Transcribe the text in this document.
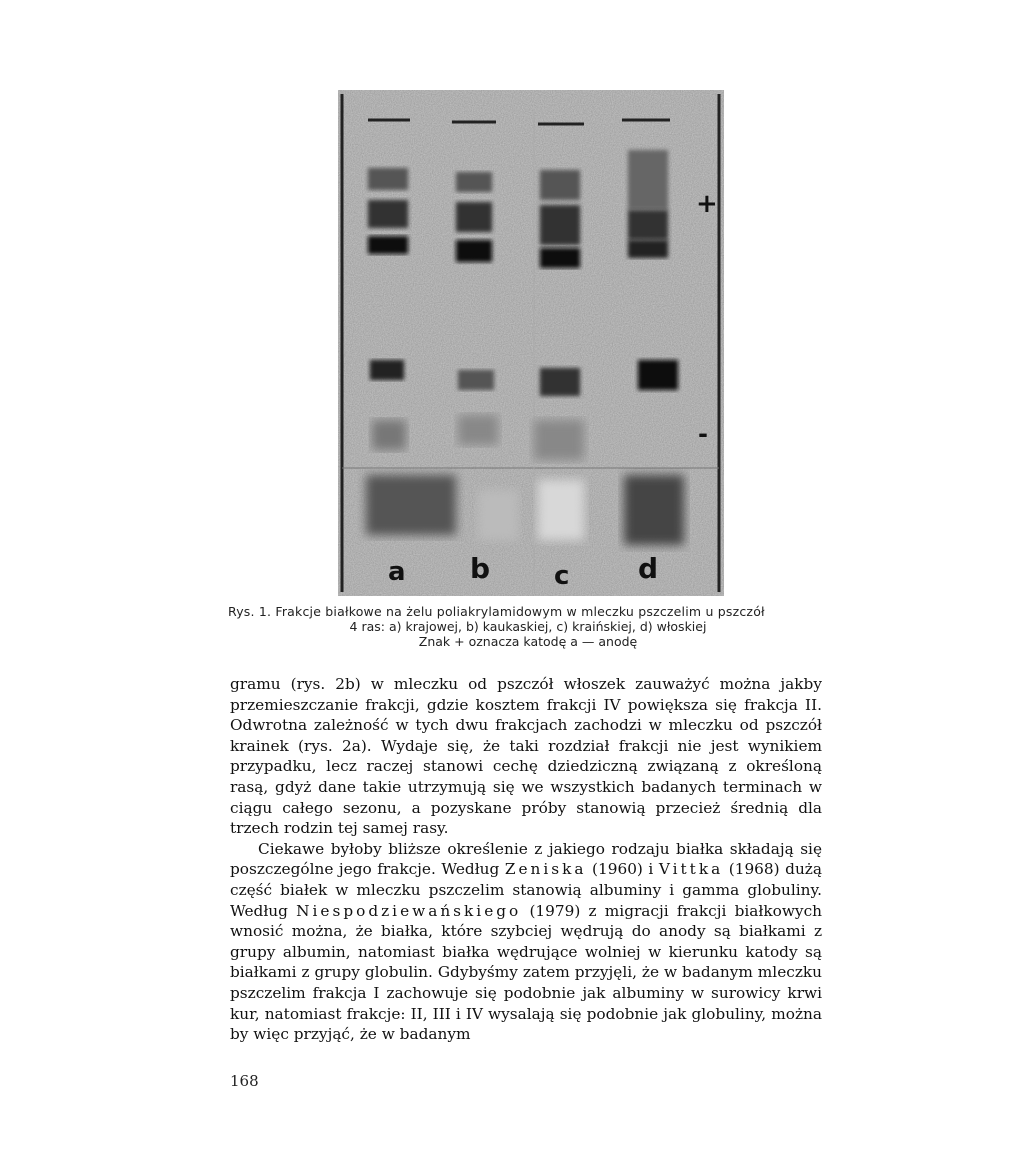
a b c d
+
-
Rys. 1. Frakcje białkowe na żelu poliakrylamidowym w mleczku pszczelim u pszczół
4 ras: a) krajowej, b) kaukaskiej, c) kraińskiej, d) włoskiej
Znak + oznacza katodę a — anodę

gramu (rys. 2b) w mleczku od pszczół włoszek zauważyć można jakby przemieszczanie frakcji, gdzie kosztem frakcji IV powiększa się frakcja II. Odwrotna zależność w tych dwu frakcjach zachodzi w mleczku od pszczół krainek (rys. 2a). Wydaje się, że taki rozdział frakcji nie jest wynikiem przypadku, lecz raczej stanowi cechę dziedziczną związaną z określoną rasą, gdyż dane takie utrzymują się we wszystkich badanych terminach w ciągu całego sezonu, a pozyskane próby stanowią przecież średnią dla trzech rodzin tej samej rasy.

Ciekawe byłoby bliższe określenie z jakiego rodzaju białka składają się poszczególne jego frakcje. Według Zeniska (1960) i Vittka (1968) dużą część białek w mleczku pszczelim stanowią albuminy i gamma globuliny. Według Niespodziewańskiego (1979) z migracji frakcji białkowych wnosić można, że białka, które szybciej wędrują do anody są białkami z grupy albumin, natomiast białka wędrujące wolniej w kierunku katody są białkami z grupy globulin. Gdybyśmy zatem przyjęli, że w badanym mleczku pszczelim frakcja I zachowuje się podobnie jak albuminy w surowicy krwi kur, natomiast frakcje: II, III i IV wysalają się podobnie jak globuliny, można by więc przyjąć, że w badanym

168
